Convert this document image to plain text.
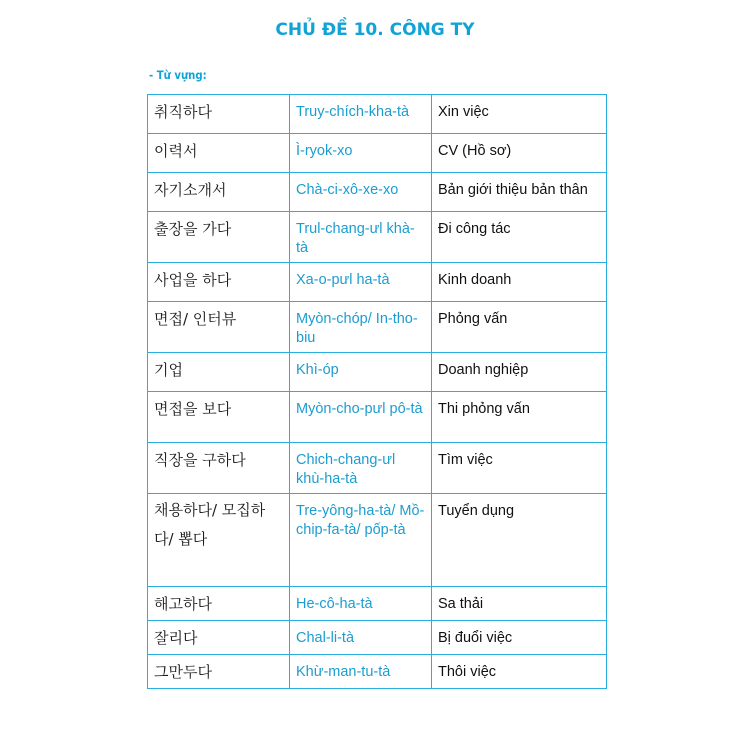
CHỦ ĐỀ 10. CÔNG TY
- Từ vựng:
취직하다	Truy-chích-kha-tà	Xin việc
이력서	Ì-ryok-xo	CV (Hồ sơ)
자기소개서	Chà-ci-xô-xe-xo	Bản giới thiệu bản thân
출장을 가다	Trul-chang-ưl khà-tà	Đi công tác
사업을 하다	Xa-o-pưl ha-tà	Kinh doanh
면접/ 인터뷰	Myòn-chóp/ In-tho-biu	Phỏng vấn
기업	Khì-óp	Doanh nghiệp
면접을 보다	Myòn-cho-pưl pô-tà	Thi phỏng vấn
직장을 구하다	Chich-chang-ưl khù-ha-tà	Tìm việc
채용하다/ 모집하다/ 뽑다	Tre-yông-ha-tà/ Mồ-chip-fa-tà/ pốp-tà	Tuyển dụng
해고하다	He-cô-ha-tà	Sa thải
잘리다	Chal-li-tà	Bị đuổi việc
그만두다	Khừ-man-tu-tà	Thôi việc
